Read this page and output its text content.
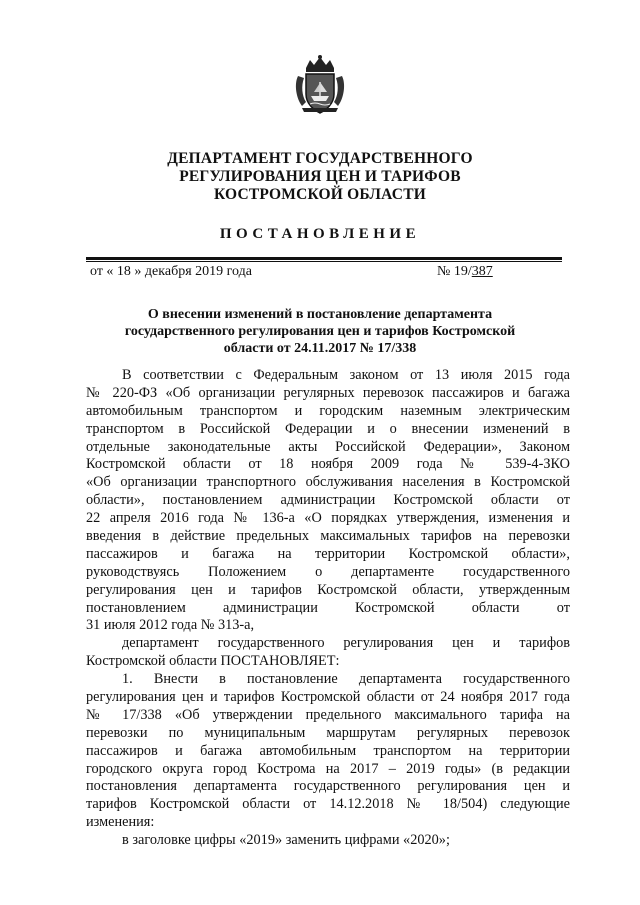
ДЕПАРТАМЕНТ ГОСУДАРСТВЕННОГО
РЕГУЛИРОВАНИЯ ЦЕН И ТАРИФОВ
КОСТРОМСКОЙ ОБЛАСТИ
ПОСТАНОВЛЕНИЕ
от « 18 » декабря 2019 года	№ 19/387
О внесении изменений в постановление департамента
государственного регулирования цен и тарифов Костромской
области от 24.11.2017 № 17/338
В соответствии с Федеральным законом от 13 июля 2015 года
№ 220-ФЗ «Об организации регулярных перевозок пассажиров и багажа
автомобильным транспортом и городским наземным электрическим
транспортом в Российской Федерации и о внесении изменений в
отдельные законодательные акты Российской Федерации», Законом
Костромской области от 18 ноября 2009 года № 539-4-ЗКО
«Об организации транспортного обслуживания населения в Костромской
области», постановлением администрации Костромской области от
22 апреля 2016 года № 136-а «О порядках утверждения, изменения и
введения в действие предельных максимальных тарифов на перевозки
пассажиров и багажа на территории Костромской области»,
руководствуясь Положением о департаменте государственного
регулирования цен и тарифов Костромской области, утвержденным
постановлением администрации Костромской области от
31 июля 2012 года № 313-а,
департамент государственного регулирования цен и тарифов
Костромской области ПОСТАНОВЛЯЕТ:
1. Внести в постановление департамента государственного
регулирования цен и тарифов Костромской области от 24 ноября 2017 года
№ 17/338 «Об утверждении предельного максимального тарифа на
перевозки по муниципальным маршрутам регулярных перевозок
пассажиров и багажа автомобильным транспортом на территории
городского округа город Кострома на 2017 – 2019 годы» (в редакции
постановления департамента государственного регулирования цен и
тарифов Костромской области от 14.12.2018 № 18/504) следующие
изменения:
в заголовке цифры «2019» заменить цифрами «2020»;
